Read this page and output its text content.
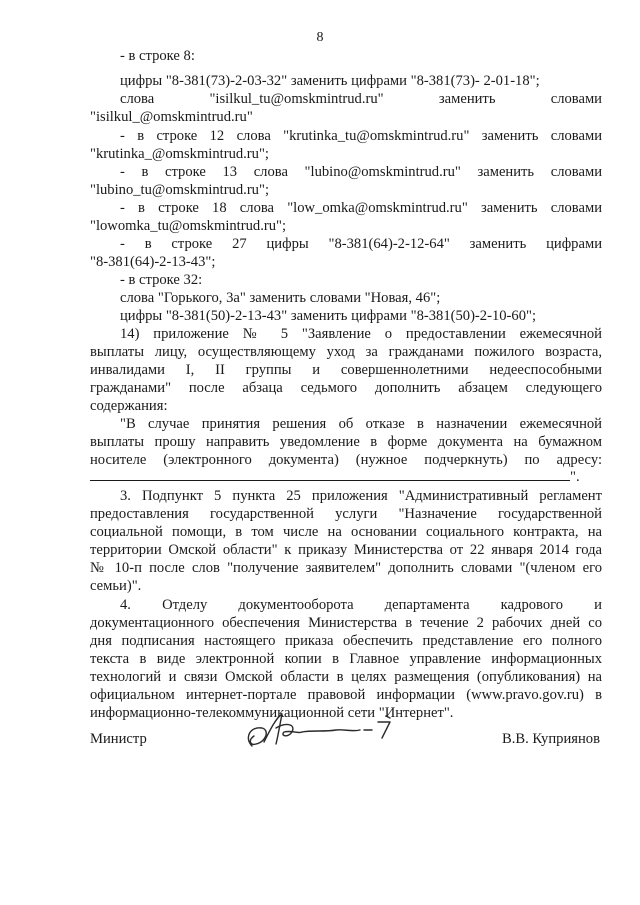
8
- в строке 8:
цифры "8-381(73)-2-03-32" заменить цифрами "8-381(73)- 2-01-18";
слова "isilkul_tu@omskmintrud.ru" заменить словами
"isilkul_@omskmintrud.ru"
- в строке 12 слова "krutinka_tu@omskmintrud.ru" заменить словами
"krutinka_@omskmintrud.ru";
- в строке 13 слова "lubino@omskmintrud.ru" заменить словами
"lubino_tu@omskmintrud.ru";
- в строке 18 слова "low_omka@omskmintrud.ru" заменить словами
"lowomka_tu@omskmintrud.ru";
- в строке 27 цифры "8-381(64)-2-12-64" заменить цифрами
"8-381(64)-2-13-43";
- в строке 32:
слова "Горького, 3а" заменить словами "Новая, 46";
цифры "8-381(50)-2-13-43" заменить цифрами "8-381(50)-2-10-60";
14) приложение № 5 "Заявление о предоставлении ежемесячной
выплаты лицу, осуществляющему уход за гражданами пожилого возраста,
инвалидами I, II группы и совершеннолетними недееспособными
гражданами" после абзаца седьмого дополнить абзацем следующего
содержания:
"В случае принятия решения об отказе в назначении ежемесячной
выплаты прошу направить уведомление в форме документа на бумажном
носителе (электронного документа) (нужное подчеркнуть) по адресу:
".
3. Подпункт 5 пункта 25 приложения "Административный регламент
предоставления государственной услуги "Назначение государственной
социальной помощи, в том числе на основании социального контракта, на
территории Омской области" к приказу Министерства от 22 января 2014 года
№ 10-п после слов "получение заявителем" дополнить словами "(членом его
семьи)".
4. Отделу документооборота департамента кадрового и
документационного обеспечения Министерства в течение 2 рабочих дней со
дня подписания настоящего приказа обеспечить представление его полного
текста в виде электронной копии в Главное управление информационных
технологий и связи Омской области в целях размещения (опубликования) на
официальном интернет-портале правовой информации (www.pravo.gov.ru) в
информационно-телекоммуникационной сети "Интернет".
Министр	В.В. Куприянов
